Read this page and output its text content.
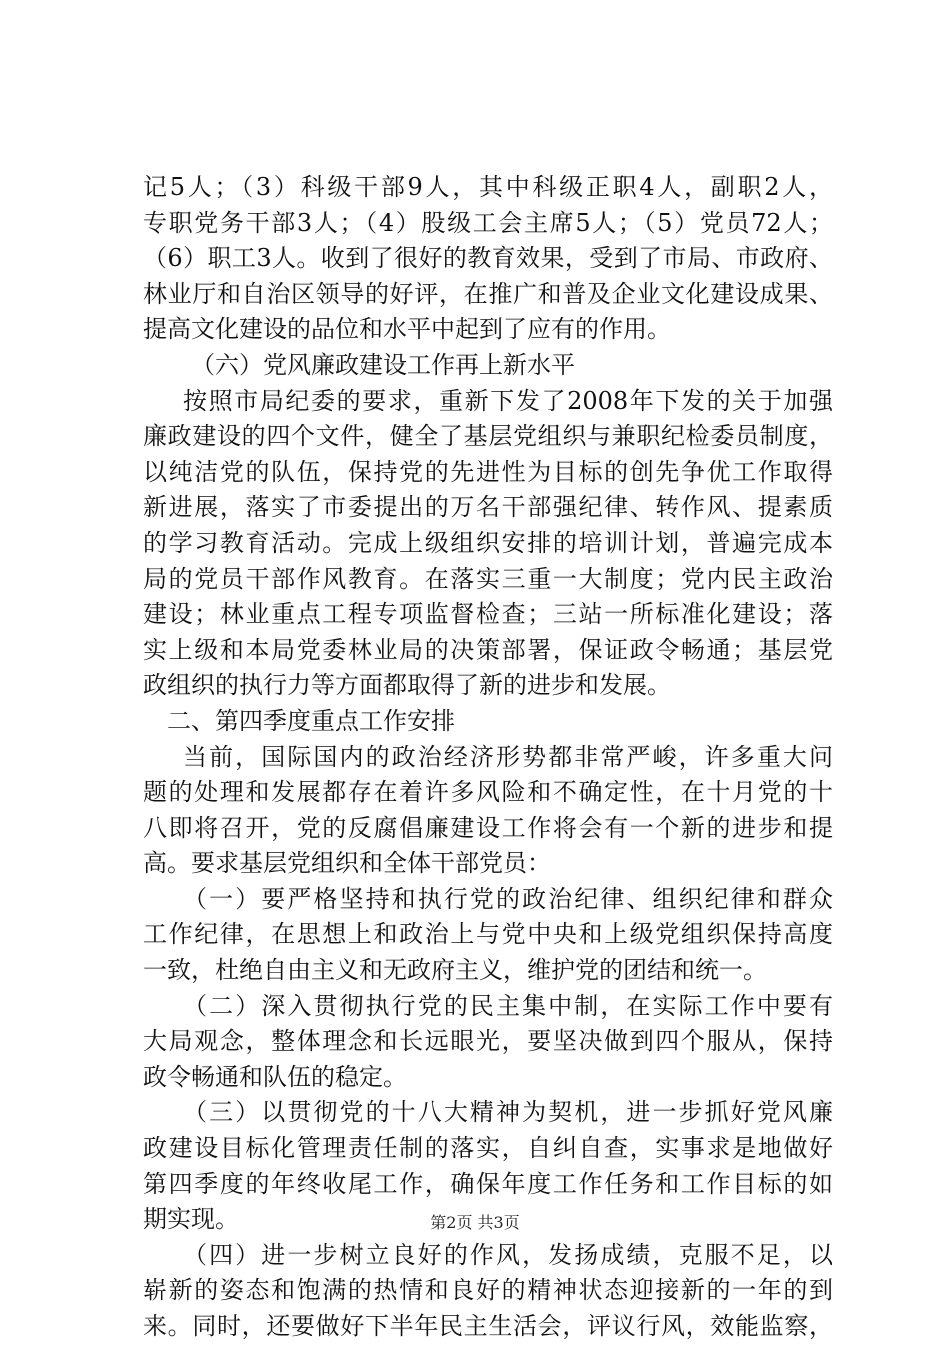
记5人；（3）科级干部9人，其中科级正职4人，副职2人，
专职党务干部3人；（4）股级工会主席5人；（5）党员72人；
（6）职工3人。收到了很好的教育效果，受到了市局、市政府、
林业厅和自治区领导的好评，在推广和普及企业文化建设成果、
提高文化建设的品位和水平中起到了应有的作用。
（六）党风廉政建设工作再上新水平
按照市局纪委的要求，重新下发了2008年下发的关于加强
廉政建设的四个文件，健全了基层党组织与兼职纪检委员制度，
以纯洁党的队伍，保持党的先进性为目标的创先争优工作取得
新进展，落实了市委提出的万名干部强纪律、转作风、提素质
的学习教育活动。完成上级组织安排的培训计划，普遍完成本
局的党员干部作风教育。在落实三重一大制度；党内民主政治
建设；林业重点工程专项监督检查；三站一所标准化建设；落
实上级和本局党委林业局的决策部署，保证政令畅通；基层党
政组织的执行力等方面都取得了新的进步和发展。
二、第四季度重点工作安排
当前，国际国内的政治经济形势都非常严峻，许多重大问
题的处理和发展都存在着许多风险和不确定性，在十月党的十
八即将召开，党的反腐倡廉建设工作将会有一个新的进步和提
高。要求基层党组织和全体干部党员：
（一）要严格坚持和执行党的政治纪律、组织纪律和群众
工作纪律，在思想上和政治上与党中央和上级党组织保持高度
一致，杜绝自由主义和无政府主义，维护党的团结和统一。
（二）深入贯彻执行党的民主集中制，在实际工作中要有
大局观念，整体理念和长远眼光，要坚决做到四个服从，保持
政令畅通和队伍的稳定。
（三）以贯彻党的十八大精神为契机，进一步抓好党风廉
政建设目标化管理责任制的落实，自纠自查，实事求是地做好
第四季度的年终收尾工作，确保年度工作任务和工作目标的如
期实现。
（四）进一步树立良好的作风，发扬成绩，克服不足，以
崭新的姿态和饱满的热情和良好的精神状态迎接新的一年的到
来。同时，还要做好下半年民主生活会，评议行风，效能监察，
第2页 共3页
